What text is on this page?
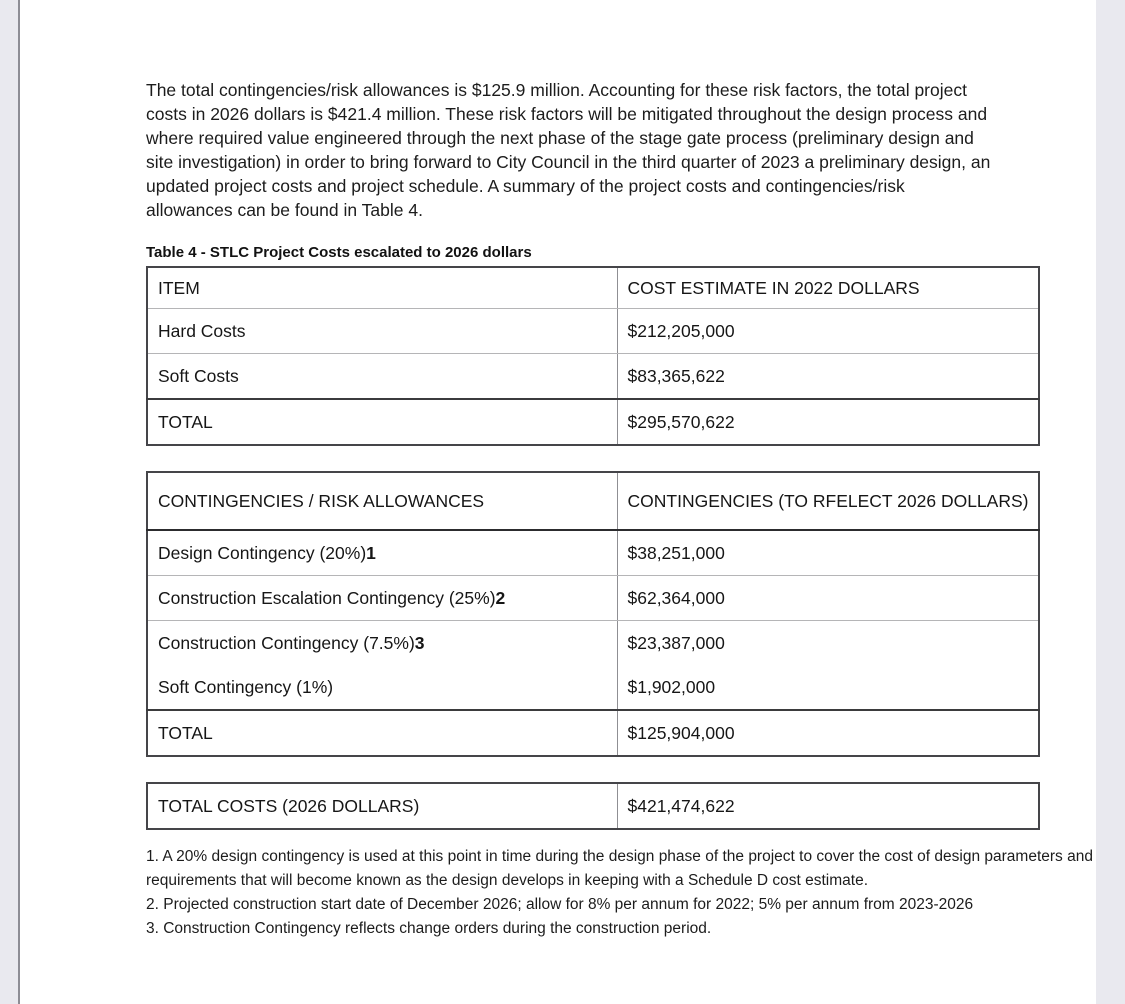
The total contingencies/risk allowances is $125.9 million. Accounting for these risk factors, the total project costs in 2026 dollars is $421.4 million. These risk factors will be mitigated throughout the design process and where required value engineered through the next phase of the stage gate process (preliminary design and site investigation) in order to bring forward to City Council in the third quarter of 2023 a preliminary design, an updated project costs and project schedule. A summary of the project costs and contingencies/risk allowances can be found in Table 4.

Table 4 - STLC Project Costs escalated to 2026 dollars
ITEM	COST ESTIMATE IN 2022 DOLLARS
Hard Costs	$212,205,000
Soft Costs	$83,365,622
TOTAL	$295,570,622
CONTINGENCIES / RISK ALLOWANCES	CONTINGENCIES (TO RFELECT 2026 DOLLARS)
Design Contingency (20%)1	$38,251,000
Construction Escalation Contingency (25%)2	$62,364,000
Construction Contingency (7.5%)3	$23,387,000
Soft Contingency (1%)	$1,902,000
TOTAL	$125,904,000
TOTAL COSTS (2026 DOLLARS)	$421,474,622

1. A 20% design contingency is used at this point in time during the design phase of the project to cover the cost of design parameters and requirements that will become known as the design develops in keeping with a Schedule D cost estimate.

2. Projected construction start date of December 2026; allow for 8% per annum for 2022; 5% per annum from 2023-2026

3. Construction Contingency reflects change orders during the construction period.
